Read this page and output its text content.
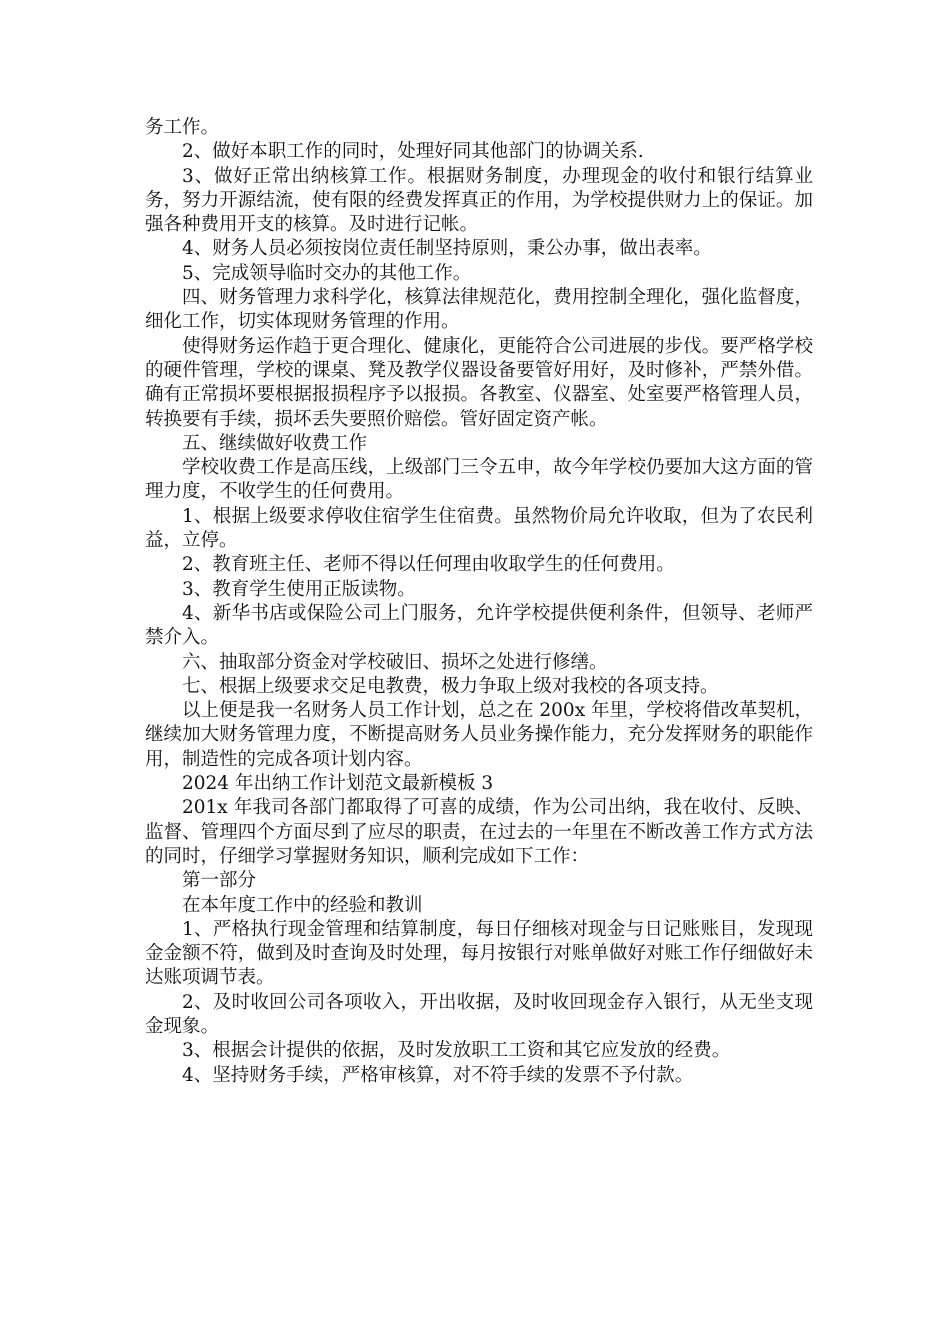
务工作。

2、做好本职工作的同时，处理好同其他部门的协调关系.

3、做好正常出纳核算工作。根据财务制度，办理现金的收付和银行结算业务，努力开源结流，使有限的经费发挥真正的作用，为学校提供财力上的保证。加强各种费用开支的核算。及时进行记帐。

4、财务人员必须按岗位责任制坚持原则，秉公办事，做出表率。

5、完成领导临时交办的其他工作。

四、财务管理力求科学化，核算法律规范化，费用控制全理化，强化监督度，细化工作，切实体现财务管理的作用。

使得财务运作趋于更合理化、健康化，更能符合公司进展的步伐。要严格学校的硬件管理，学校的课桌、凳及教学仪器设备要管好用好，及时修补，严禁外借。确有正常损坏要根据报损程序予以报损。各教室、仪器室、处室要严格管理人员，转换要有手续，损坏丢失要照价赔偿。管好固定资产帐。

五、继续做好收费工作

学校收费工作是高压线，上级部门三令五申，故今年学校仍要加大这方面的管理力度，不收学生的任何费用。

1、根据上级要求停收住宿学生住宿费。虽然物价局允许收取，但为了农民利益，立停。

2、教育班主任、老师不得以任何理由收取学生的任何费用。

3、教育学生使用正版读物。

4、新华书店或保险公司上门服务，允许学校提供便利条件，但领导、老师严禁介入。

六、抽取部分资金对学校破旧、损坏之处进行修缮。

七、根据上级要求交足电教费，极力争取上级对我校的各项支持。

以上便是我一名财务人员工作计划，总之在 200x 年里，学校将借改革契机，继续加大财务管理力度，不断提高财务人员业务操作能力，充分发挥财务的职能作用，制造性的完成各项计划内容。

2024 年出纳工作计划范文最新模板 3

201x 年我司各部门都取得了可喜的成绩，作为公司出纳，我在收付、反映、监督、管理四个方面尽到了应尽的职责，在过去的一年里在不断改善工作方式方法的同时，仔细学习掌握财务知识，顺利完成如下工作：

第一部分

在本年度工作中的经验和教训

1、严格执行现金管理和结算制度，每日仔细核对现金与日记账账目，发现现金金额不符，做到及时查询及时处理，每月按银行对账单做好对账工作仔细做好未达账项调节表。

2、及时收回公司各项收入，开出收据，及时收回现金存入银行，从无坐支现金现象。

3、根据会计提供的依据，及时发放职工工资和其它应发放的经费。

4、坚持财务手续，严格审核算，对不符手续的发票不予付款。
